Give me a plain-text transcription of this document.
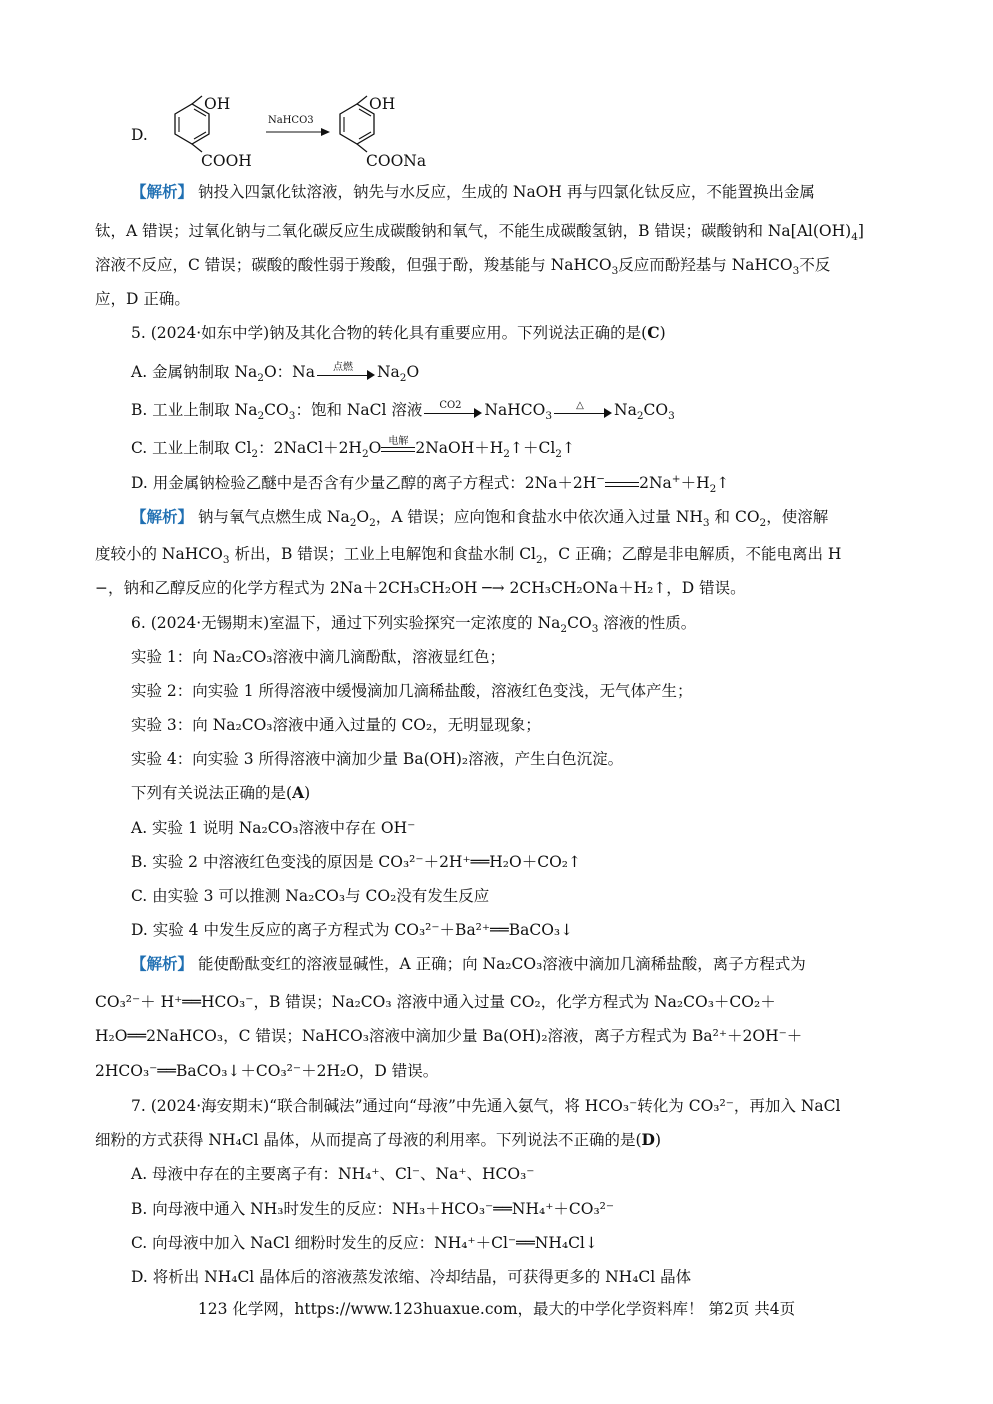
D.
OH
COOH
NaHCO3
OH
COONa
【解析】 钠投入四氯化钛溶液，钠先与水反应，生成的 NaOH 再与四氯化钛反应，不能置换出金属
钛，A 错误；过氧化钠与二氧化碳反应生成碳酸钠和氧气，不能生成碳酸氢钠，B 错误；碳酸钠和 $Na[Al(OH)_4]$
溶液不反应，C 错误；碳酸的酸性弱于羧酸，但强于酚，羧基能与 NaHCO$_3$反应而酚羟基与 NaHCO$_3$不反
应，D 正确。
5. (2024·如东中学)钠及其化合物的转化具有重要应用。下列说法正确的是(C)
A. 金属钠制取 $Na_2O$：Na	点燃	$Na_2O$
B. 工业上制取 $Na_2CO_3$：饱和 NaCl 溶液	CO2	NaHCO$_3$
△	$Na_2CO_3$
C. 工业上制取 $Cl_2$：$2NaCl+2H_2O$ 电解 $2NaOH+H_2↑+Cl_2↑$
D. 用金属钠检验乙醚中是否含有少量乙醇的离子方程式：2Na＋2H− $2Na^++H_2↑$
【解析】 钠与氧气点燃生成 $Na_2O_2$，A 错误；应向饱和食盐水中依次通入过量 $NH_3$ 和 $CO_2$，使溶解
度较小的 NaHCO$_3$ 析出，B 错误；工业上电解饱和食盐水制 $Cl_2$，C 正确；乙醇是非电解质，不能电离出 H
−，钠和乙醇反应的化学方程式为 2Na＋2CH₃CH₂OH ─→ 2CH₃CH₂ONa＋H₂↑，D 错误。
6. (2024·无锡期末)室温下，通过下列实验探究一定浓度的 $Na_2CO_3$ 溶液的性质。
实验 1：向 Na₂CO₃溶液中滴几滴酚酞，溶液显红色；
实验 2：向实验 1 所得溶液中缓慢滴加几滴稀盐酸，溶液红色变浅，无气体产生；
实验 3：向 Na₂CO₃溶液中通入过量的 CO₂，无明显现象；
实验 4：向实验 3 所得溶液中滴加少量 Ba(OH)₂溶液，产生白色沉淀。
下列有关说法正确的是(A)
A. 实验 1 说明 Na₂CO₃溶液中存在 OH⁻
B. 实验 2 中溶液红色变浅的原因是 CO₃²⁻＋2H⁺══H₂O＋CO₂↑
C. 由实验 3 可以推测 Na₂CO₃与 CO₂没有发生反应
D. 实验 4 中发生反应的离子方程式为 CO₃²⁻＋Ba²⁺══BaCO₃↓
【解析】 能使酚酞变红的溶液显碱性，A 正确；向 Na₂CO₃溶液中滴加几滴稀盐酸，离子方程式为
CO₃²⁻＋ H⁺══HCO₃⁻，B 错误；Na₂CO₃ 溶液中通入过量 CO₂，化学方程式为 Na₂CO₃＋CO₂＋
H₂O══2NaHCO₃，C 错误；NaHCO₃溶液中滴加少量 Ba(OH)₂溶液，离子方程式为 Ba²⁺＋2OH⁻＋
2HCO₃⁻══BaCO₃↓＋CO₃²⁻＋2H₂O，D 错误。
7. (2024·海安期末)“联合制碱法”通过向“母液”中先通入氨气，将 HCO₃⁻转化为 CO₃²⁻，再加入 NaCl
细粉的方式获得 NH₄Cl 晶体，从而提高了母液的利用率。下列说法不正确的是(D)
A. 母液中存在的主要离子有：NH₄⁺、Cl⁻、Na⁺、HCO₃⁻
B. 向母液中通入 NH₃时发生的反应：NH₃＋HCO₃⁻══NH₄⁺＋CO₃²⁻
C. 向母液中加入 NaCl 细粉时发生的反应：NH₄⁺＋Cl⁻══NH₄Cl↓
D. 将析出 NH₄Cl 晶体后的溶液蒸发浓缩、冷却结晶，可获得更多的 NH₄Cl 晶体
123 化学网，https://www.123huaxue.com，最大的中学化学资料库！ 第2页 共4页
